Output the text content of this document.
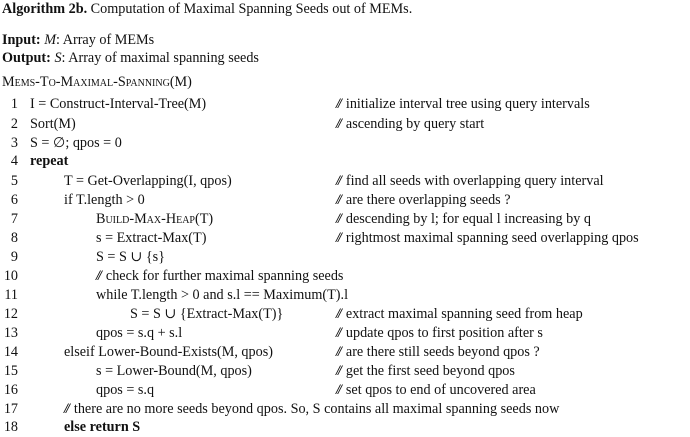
Algorithm 2b. Computation of Maximal Spanning Seeds out of MEMs.
Input: M: Array of MEMs
Output: S: Array of maximal spanning seeds
Mems-To-Maximal-Spanning(M)
1 I = Construct-Interval-Tree(M)	// initialize interval tree using query intervals
2 Sort(M)	// ascending by query start
3 S = ∅; qpos = 0
4 repeat
5	T = Get-Overlapping(I, qpos)	// find all seeds with overlapping query interval
6	if T.length > 0	// are there overlapping seeds ?
7	Build-Max-Heap(T)	// descending by l; for equal l increasing by q
8	s = Extract-Max(T)	// rightmost maximal spanning seed overlapping qpos
9	S = S ∪ {s}
10	// check for further maximal spanning seeds
11	while T.length > 0 and s.l == Maximum(T).l
12	S = S ∪ {Extract-Max(T)}	// extract maximal spanning seed from heap
13	qpos = s.q + s.l	// update qpos to first position after s
14	elseif Lower-Bound-Exists(M, qpos)	// are there still seeds beyond qpos ?
15	s = Lower-Bound(M, qpos)	// get the first seed beyond qpos
16	qpos = s.q	// set qpos to end of uncovered area
17	// there are no more seeds beyond qpos. So, S contains all maximal spanning seeds now
18	else return S
